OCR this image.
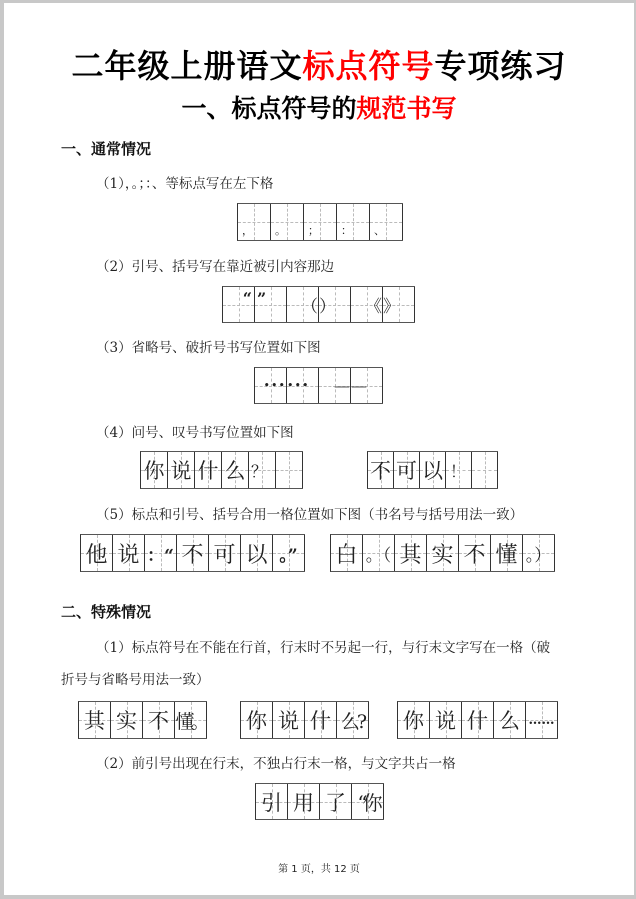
二年级上册语文标点符号专项练习
一、标点符号的规范书写
一、通常情况
（1），。；：、等标点写在左下格
， 。 ； ： 、
（2）引号、括号写在靠近被引内容那边
“ ” （ ） 《 》
（3）省略号、破折号书写位置如下图
••• ••• — —
（4）问号、叹号书写位置如下图
你 说 什 么 ？	不 可 以 ！
（5）标点和引号、括号合用一格位置如下图（书名号与括号用法一致）
他 说 ：“ 不 可 以 。” 白 。（ 其 实 不 懂 。）
二、特殊情况
（1）标点符号在不能在行首，行末时不另起一行，与行末文字写在一格（破
折号与省略号用法一致）
其 实 不 懂。 你 说 什 么? 你 说 什 么 ……
（2）前引号出现在行末，不独占行末一格，与文字共占一格
引 用 了 “你
第 1 页，共 12 页
